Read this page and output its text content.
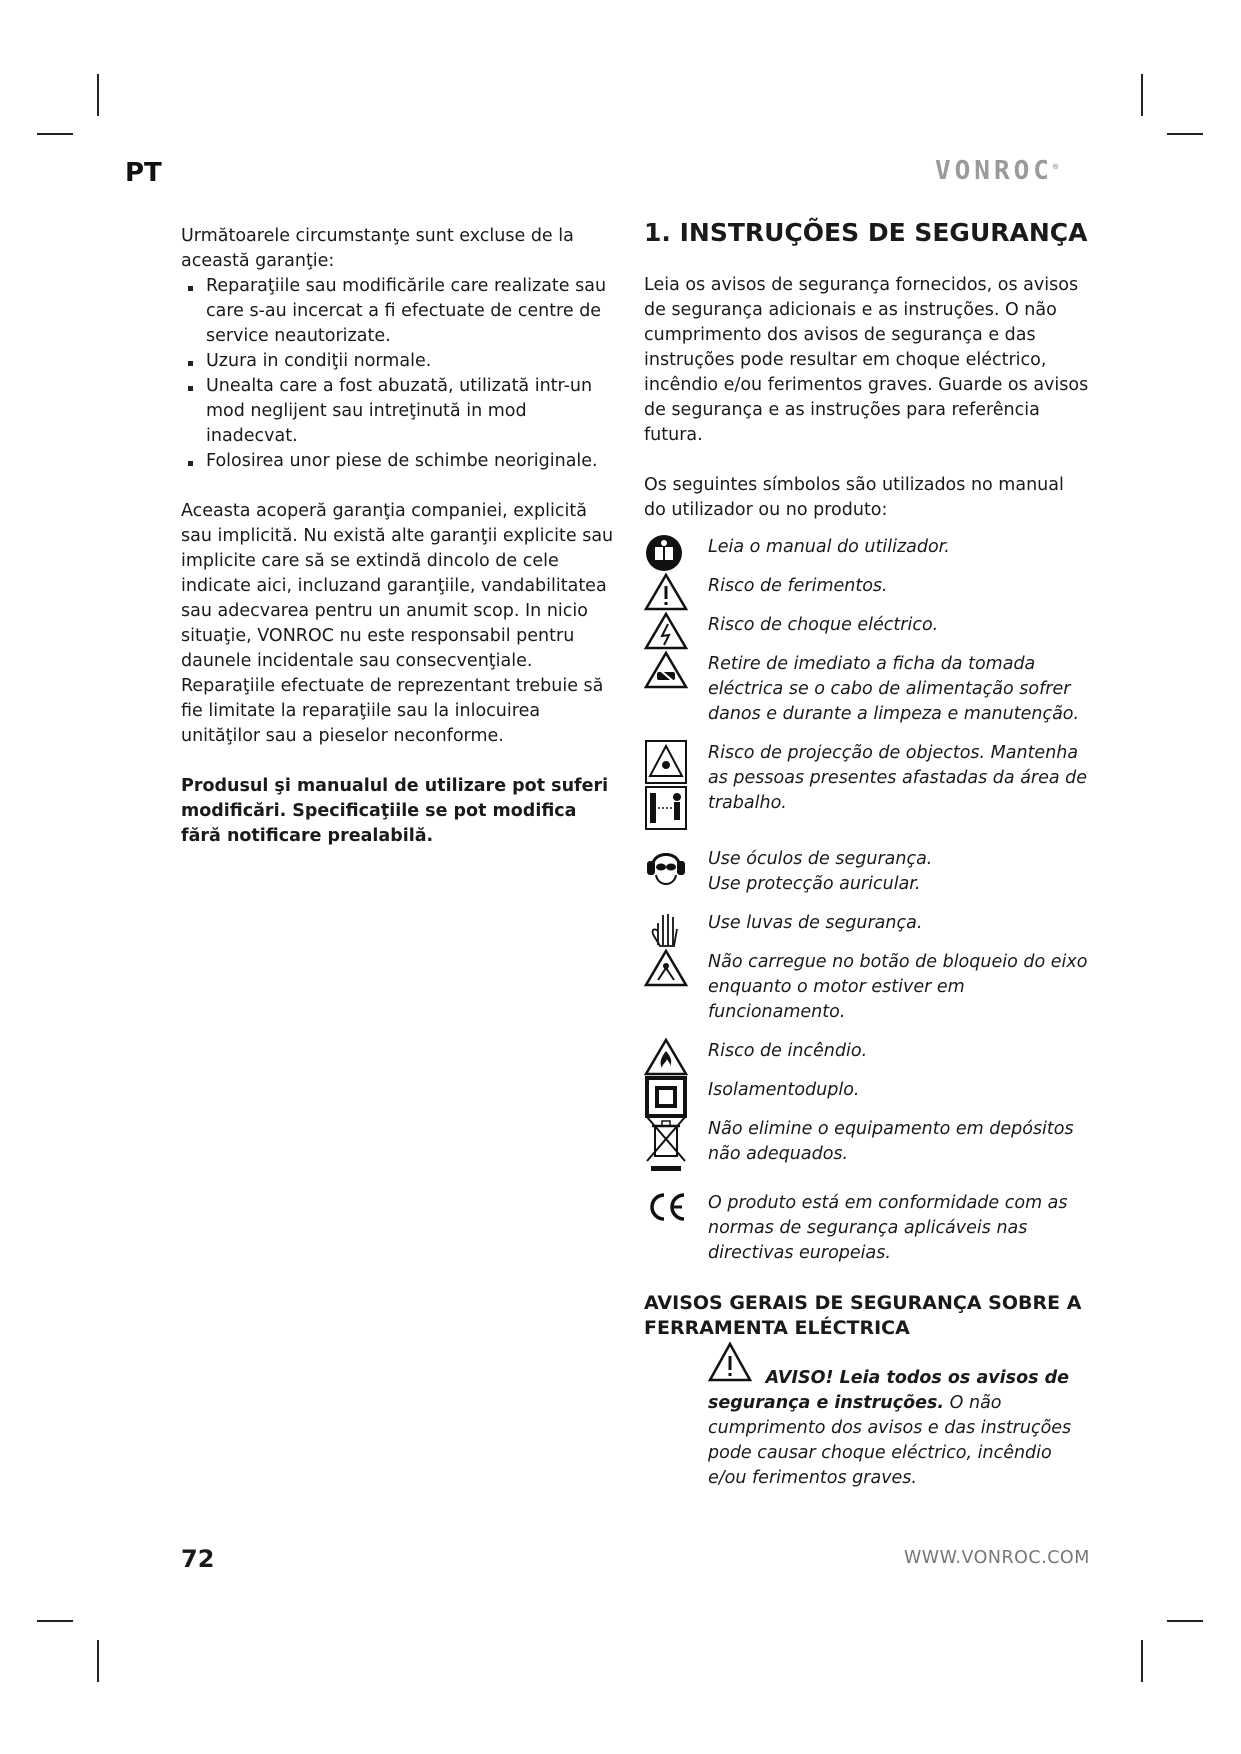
PT	VONROC®

Următoarele circumstanţe sunt excluse de la această garanţie:

Reparaţiile sau modificările care realizate sau care s-au incercat a fi efectuate de centre de service neautorizate.
Uzura in condiţii normale.
Unealta care a fost abuzată, utilizată intr-un mod neglijent sau intreţinută in mod inadecvat.
Folosirea unor piese de schimbe neoriginale.

Aceasta acoperă garanţia companiei, explicită sau implicită. Nu există alte garanţii explicite sau implicite care să se extindă dincolo de cele indicate aici, incluzand garanţiile, vandabilitatea sau adecvarea pentru un anumit scop. In nicio situaţie, VONROC nu este responsabil pentru daunele incidentale sau consecvenţiale. Reparaţiile efectuate de reprezentant trebuie să fie limitate la reparaţiile sau la inlocuirea unităţilor sau a pieselor neconforme.

Produsul şi manualul de utilizare pot suferi modificări. Specificaţiile se pot modifica fără notificare prealabilă.

1. INSTRUÇÕES DE SEGURANÇA

Leia os avisos de segurança fornecidos, os avisos de segurança adicionais e as instruções. O não cumprimento dos avisos de segurança e das instruções pode resultar em choque eléctrico, incêndio e/ou ferimentos graves. Guarde os avisos de segurança e as instruções para referência futura.

Os seguintes símbolos são utilizados no manual do utilizador ou no produto:

Leia o manual do utilizador.
Risco de ferimentos.
Risco de choque eléctrico.
Retire de imediato a ficha da tomada eléctrica se o cabo de alimentação sofrer danos e durante a limpeza e manutenção.
Risco de projecção de objectos. Mantenha as pessoas presentes afastadas da área de trabalho.
Use óculos de segurança.
Use protecção auricular.
Use luvas de segurança.
Não carregue no botão de bloqueio do eixo enquanto o motor estiver em funcionamento.
Risco de incêndio.
Isolamentoduplo.
Não elimine o equipamento em depósitos não adequados.
O produto está em conformidade com as normas de segurança aplicáveis nas directivas europeias.
AVISOS GERAIS DE SEGURANÇA SOBRE A FERRAMENTA ELÉCTRICA
AVISO! Leia todos os avisos de segurança e instruções. O não cumprimento dos avisos e das instruções pode causar choque eléctrico, incêndio e/ou ferimentos graves.
72	WWW.VONROC.COM
